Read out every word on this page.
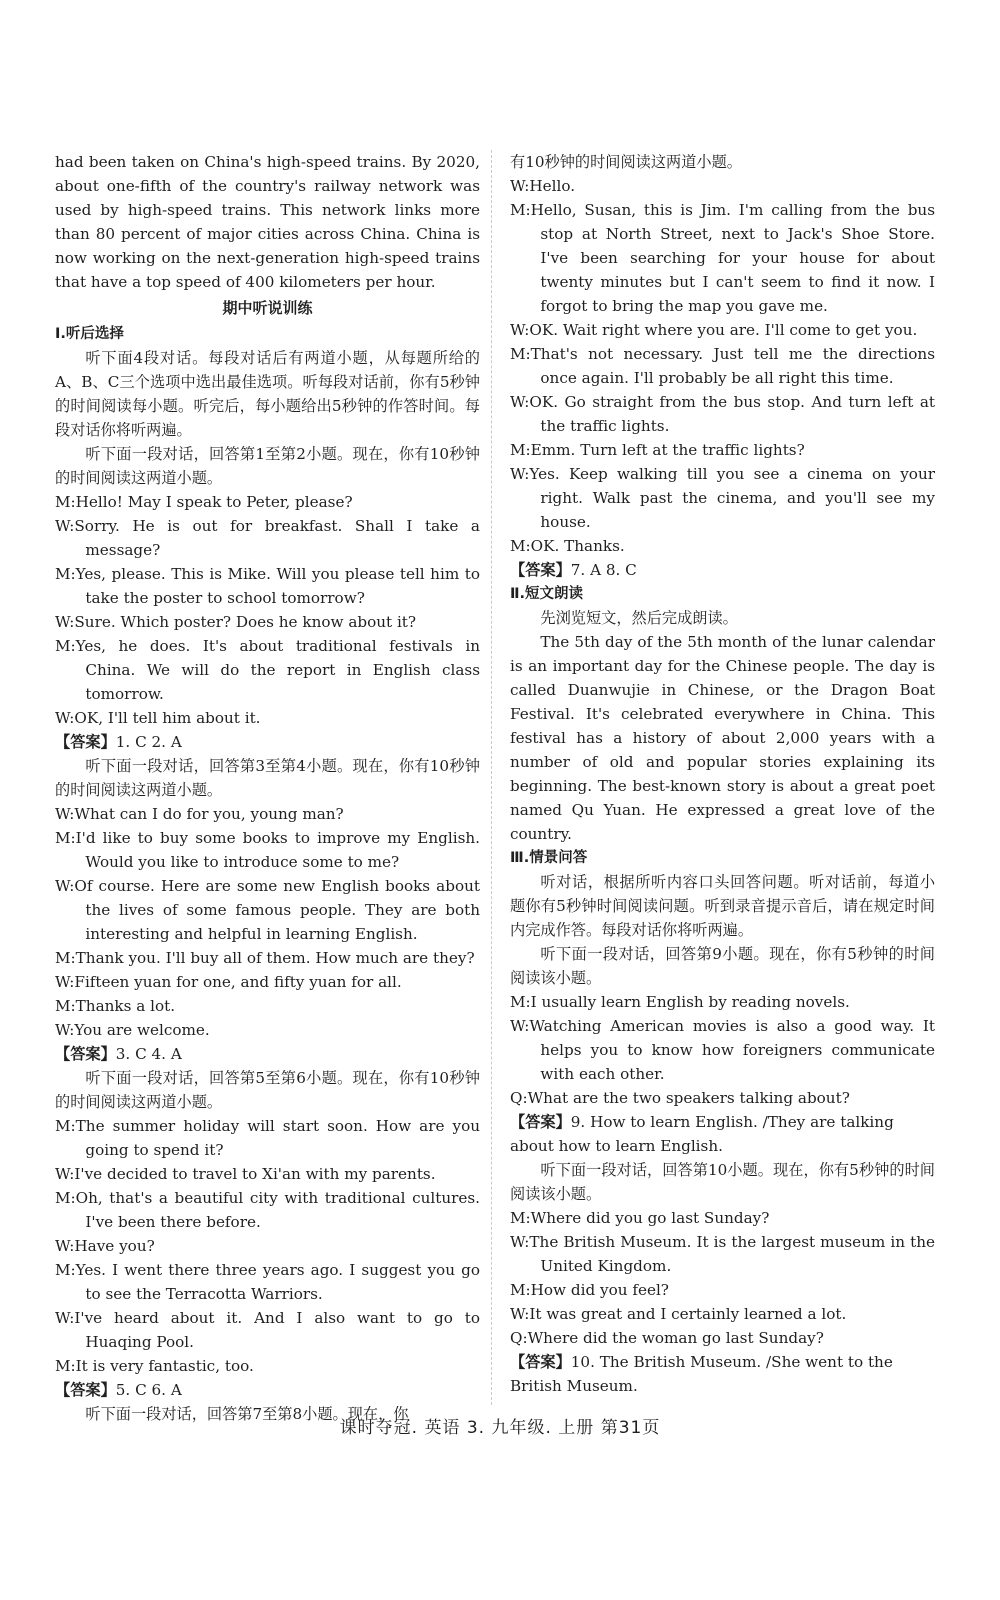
had been taken on China's high-speed trains. By 2020, about one-fifth of the country's railway network was used by high-speed trains. This network links more than 80 percent of major cities across China. China is now working on the next-generation high-speed trains that have a top speed of 400 kilometers per hour.

期中听说训练

Ⅰ.听后选择

听下面4段对话。每段对话后有两道小题，从每题所给的A、B、C三个选项中选出最佳选项。听每段对话前，你有5秒钟的时间阅读每小题。听完后，每小题给出5秒钟的作答时间。每段对话你将听两遍。

听下面一段对话，回答第1至第2小题。现在，你有10秒钟的时间阅读这两道小题。

M:Hello! May I speak to Peter, please?

W:Sorry. He is out for breakfast. Shall I take a message?

M:Yes, please. This is Mike. Will you please tell him to take the poster to school tomorrow?

W:Sure. Which poster? Does he know about it?

M:Yes, he does. It's about traditional festivals in China. We will do the report in English class tomorrow.

W:OK, I'll tell him about it.

【答案】1. C 2. A

听下面一段对话，回答第3至第4小题。现在，你有10秒钟的时间阅读这两道小题。

W:What can I do for you, young man?

M:I'd like to buy some books to improve my English. Would you like to introduce some to me?

W:Of course. Here are some new English books about the lives of some famous people. They are both interesting and helpful in learning English.

M:Thank you. I'll buy all of them. How much are they?

W:Fifteen yuan for one, and fifty yuan for all.

M:Thanks a lot.

W:You are welcome.

【答案】3. C 4. A

听下面一段对话，回答第5至第6小题。现在，你有10秒钟的时间阅读这两道小题。

M:The summer holiday will start soon. How are you going to spend it?

W:I've decided to travel to Xi'an with my parents.

M:Oh, that's a beautiful city with traditional cultures. I've been there before.

W:Have you?

M:Yes. I went there three years ago. I suggest you go to see the Terracotta Warriors.

W:I've heard about it. And I also want to go to Huaqing Pool.

M:It is very fantastic, too.

【答案】5. C 6. A

听下面一段对话，回答第7至第8小题。现在，你

有10秒钟的时间阅读这两道小题。

W:Hello.

M:Hello, Susan, this is Jim. I'm calling from the bus stop at North Street, next to Jack's Shoe Store. I've been searching for your house for about twenty minutes but I can't seem to find it now. I forgot to bring the map you gave me.

W:OK. Wait right where you are. I'll come to get you.

M:That's not necessary. Just tell me the directions once again. I'll probably be all right this time.

W:OK. Go straight from the bus stop. And turn left at the traffic lights.

M:Emm. Turn left at the traffic lights?

W:Yes. Keep walking till you see a cinema on your right. Walk past the cinema, and you'll see my house.

M:OK. Thanks.

【答案】7. A 8. C

Ⅱ.短文朗读

先浏览短文，然后完成朗读。

The 5th day of the 5th month of the lunar calendar is an important day for the Chinese people. The day is called Duanwujie in Chinese, or the Dragon Boat Festival. It's celebrated everywhere in China. This festival has a history of about 2,000 years with a number of old and popular stories explaining its beginning. The best-known story is about a great poet named Qu Yuan. He expressed a great love of the country.

Ⅲ.情景问答

听对话，根据所听内容口头回答问题。听对话前，每道小题你有5秒钟时间阅读问题。听到录音提示音后，请在规定时间内完成作答。每段对话你将听两遍。

听下面一段对话，回答第9小题。现在，你有5秒钟的时间阅读该小题。

M:I usually learn English by reading novels.

W:Watching American movies is also a good way. It helps you to know how foreigners communicate with each other.

Q:What are the two speakers talking about?

【答案】9. How to learn English. /They are talking about how to learn English.

听下面一段对话，回答第10小题。现在，你有5秒钟的时间阅读该小题。

M:Where did you go last Sunday?

W:The British Museum. It is the largest museum in the United Kingdom.

M:How did you feel?

W:It was great and I certainly learned a lot.

Q:Where did the woman go last Sunday?

【答案】10. The British Museum. /She went to the British Museum.

课时夺冠. 英语 3. 九年级. 上册 第31页
